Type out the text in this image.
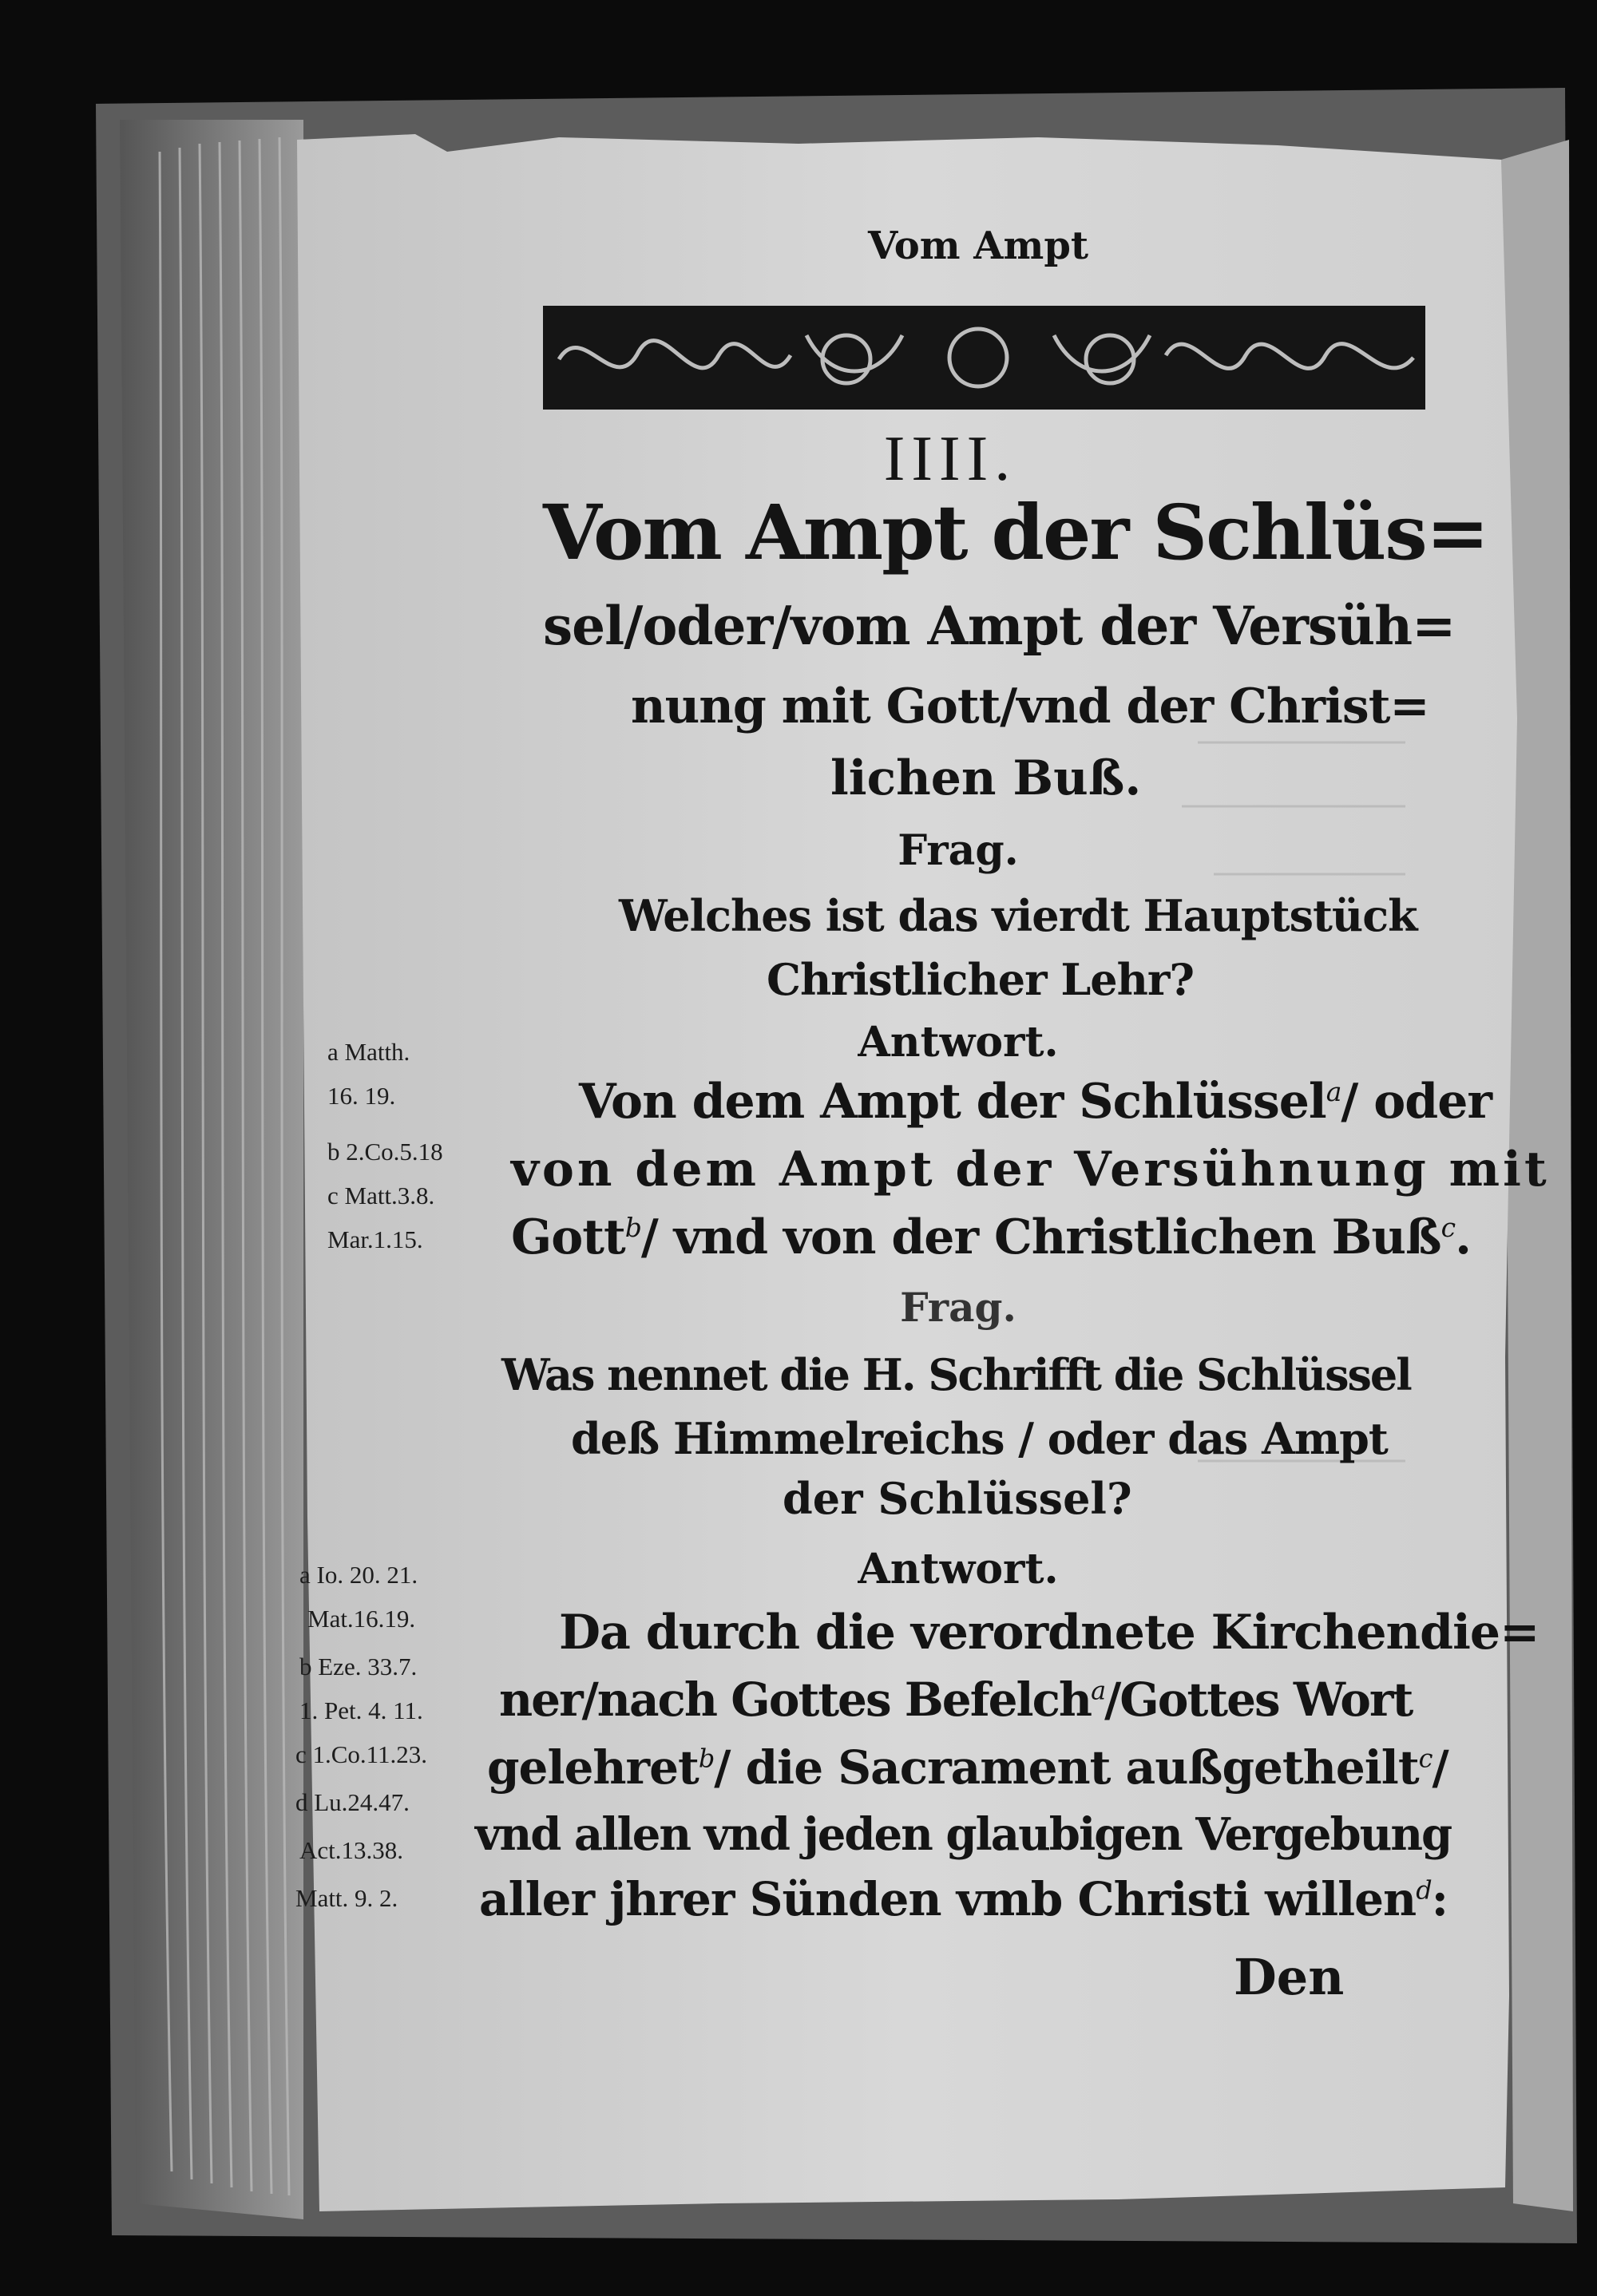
Vom Ampt
IIII.
Vom Ampt der Schlüs=
sel/oder/vom Ampt der Versüh=
nung mit Gott/vnd der Christ=
lichen Buß.
Frag.
Welches ist das vierdt Hauptstück
Christlicher Lehr?
Antwort.
Von dem Ampt der Schlüssel$^a$/ oder
von dem Ampt der Versühnung mit
Gott$^b$/ vnd von der Christlichen Buß$^c$.
Frag.
Was nennet die H. Schrifft die Schlüssel
deß Himmelreichs / oder das Ampt
der Schlüssel?
Antwort.
Da durch die verordnete Kirchendie=
ner/nach Gottes Befelch$^a$/Gottes Wort
gelehret$^b$/ die Sacrament außgetheilt$^c$/
vnd allen vnd jeden glaubigen Vergebung
aller jhrer Sünden vmb Christi willen$^d$:
Den
a Matth.
16. 19.
b 2.Co.5.18
c Matt.3.8.
Mar.1.15.
a Io. 20. 21.
Mat.16.19.
b Eze. 33.7.
1. Pet. 4. 11.
c 1.Co.11.23.
d Lu.24.47.
Act.13.38.
Matt. 9. 2.
